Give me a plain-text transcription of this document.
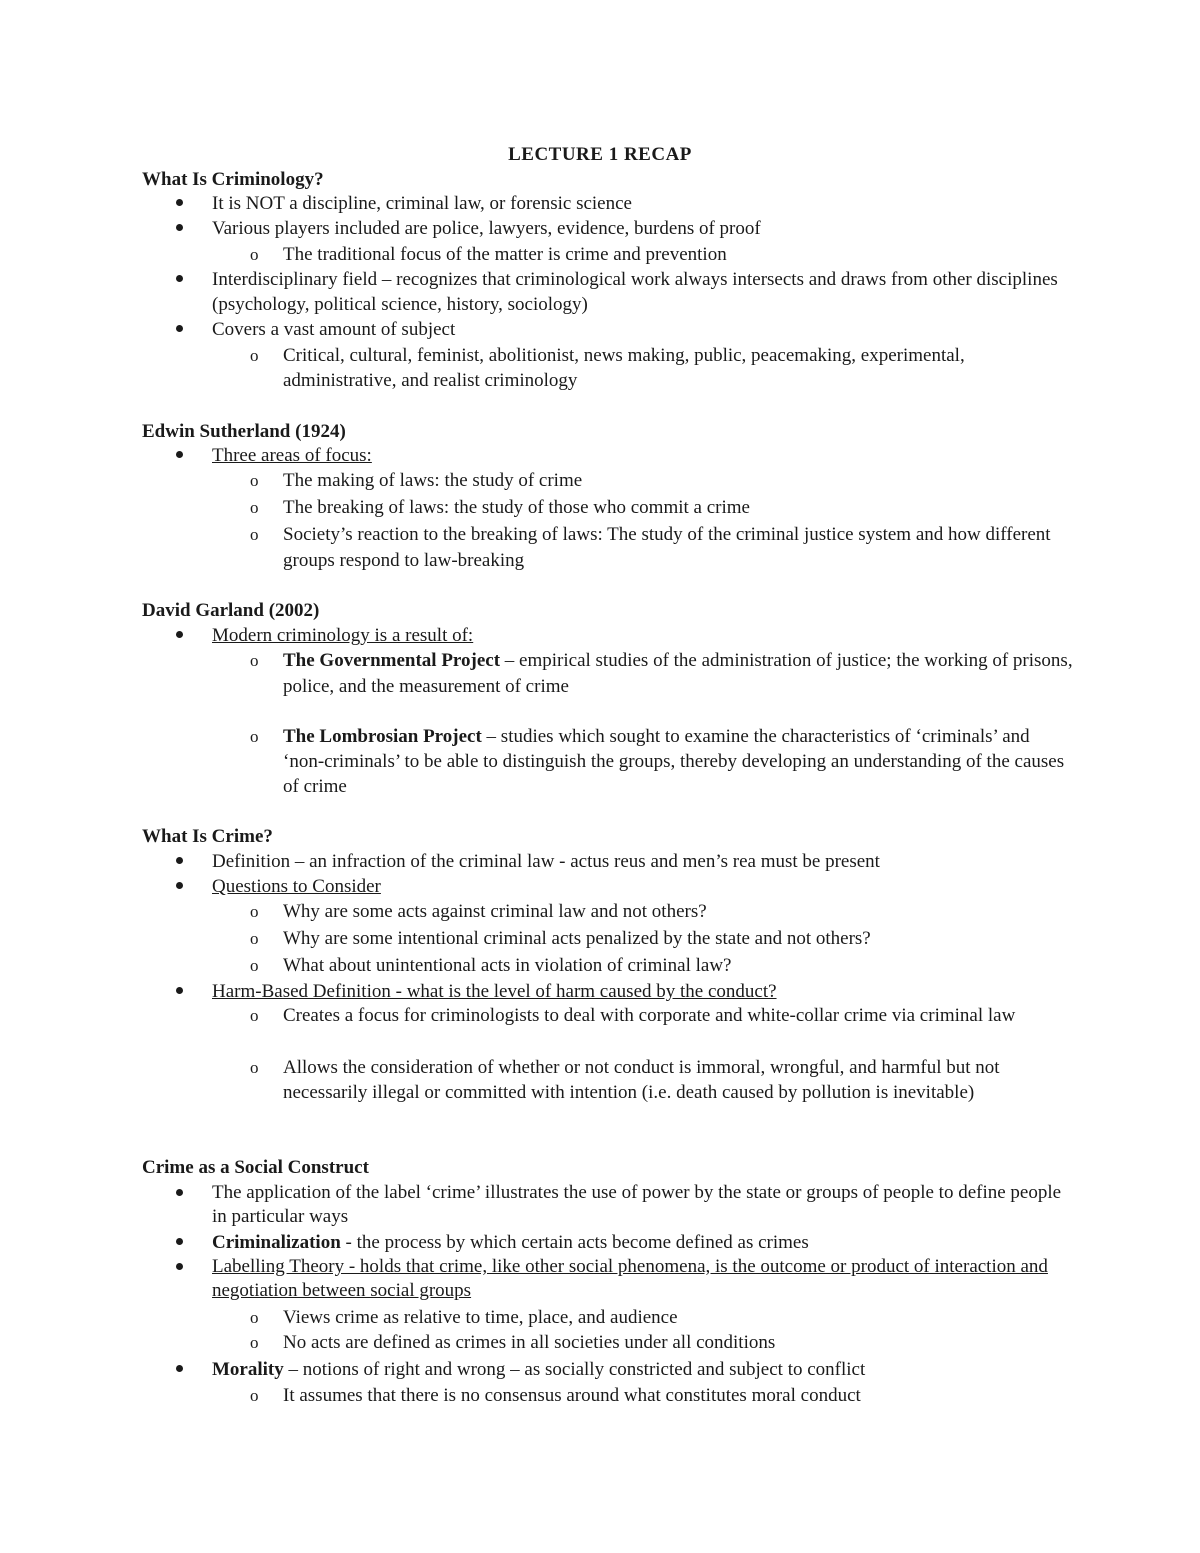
LECTURE 1 RECAP
What Is Criminology?
It is NOT a discipline, criminal law, or forensic science
Various players included are police, lawyers, evidence, burdens of proof
o The traditional focus of the matter is crime and prevention
Interdisciplinary field – recognizes that criminological work always intersects and draws from other disciplines (psychology, political science, history, sociology)
Covers a vast amount of subject
o Critical, cultural, feminist, abolitionist, news making, public, peacemaking, experimental, administrative, and realist criminology
Edwin Sutherland (1924)
Three areas of focus:
o The making of laws: the study of crime
o The breaking of laws: the study of those who commit a crime
o Society’s reaction to the breaking of laws: The study of the criminal justice system and how different groups respond to law-breaking
David Garland (2002)
Modern criminology is a result of:
o The Governmental Project – empirical studies of the administration of justice; the working of prisons, police, and the measurement of crime
o The Lombrosian Project – studies which sought to examine the characteristics of ‘criminals’ and ‘non-criminals’ to be able to distinguish the groups, thereby developing an understanding of the causes of crime
What Is Crime?
Definition – an infraction of the criminal law - actus reus and men’s rea must be present
Questions to Consider
o Why are some acts against criminal law and not others?
o Why are some intentional criminal acts penalized by the state and not others?
o What about unintentional acts in violation of criminal law?
Harm-Based Definition - what is the level of harm caused by the conduct?
o Creates a focus for criminologists to deal with corporate and white-collar crime via criminal law
o Allows the consideration of whether or not conduct is immoral, wrongful, and harmful but not necessarily illegal or committed with intention (i.e. death caused by pollution is inevitable)
Crime as a Social Construct
The application of the label ‘crime’ illustrates the use of power by the state or groups of people to define people in particular ways
Criminalization - the process by which certain acts become defined as crimes
Labelling Theory - holds that crime, like other social phenomena, is the outcome or product of interaction and negotiation between social groups
o Views crime as relative to time, place, and audience
o No acts are defined as crimes in all societies under all conditions
Morality – notions of right and wrong – as socially constricted and subject to conflict
o It assumes that there is no consensus around what constitutes moral conduct
